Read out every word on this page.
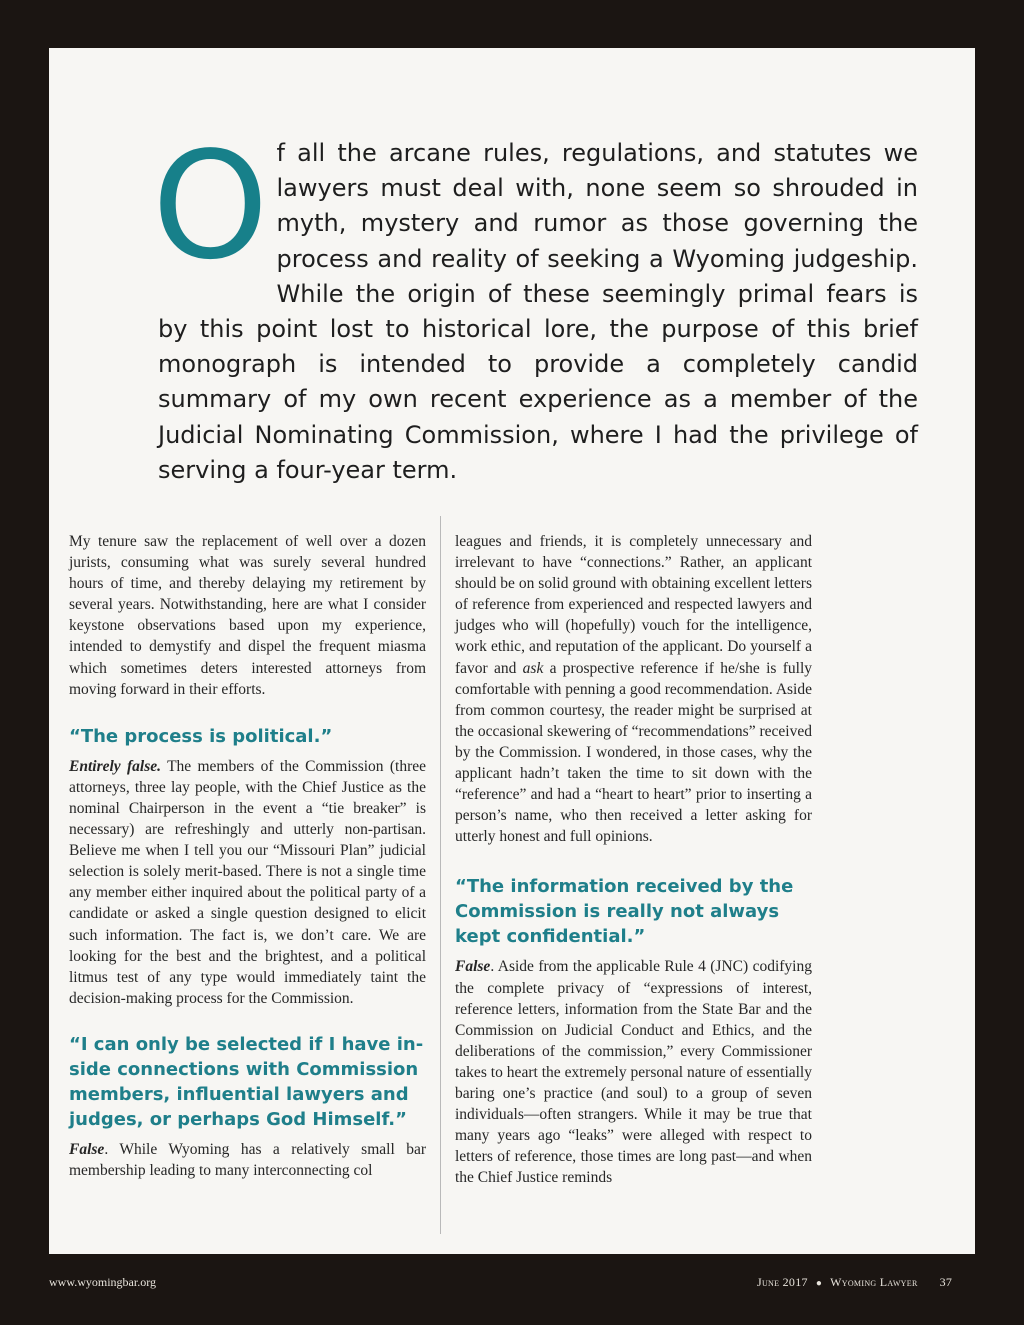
Of all the arcane rules, regulations, and statutes we lawyers must deal with, none seem so shrouded in myth, mystery and rumor as those governing the process and reality of seeking a Wyoming judgeship. While the origin of these seemingly primal fears is by this point lost to historical lore, the purpose of this brief monograph is intended to provide a completely candid summary of my own recent experience as a member of the Judicial Nominating Commission, where I had the privilege of serving a four-year term.

My tenure saw the replacement of well over a dozen jurists, consuming what was surely several hundred hours of time, and thereby delaying my retirement by several years. Notwithstanding, here are what I consider keystone observations based upon my experience, intended to demystify and dispel the frequent miasma which sometimes deters interested attorneys from moving forward in their efforts.

“The process is political.”

Entirely false. The members of the Commission (three attorneys, three lay people, with the Chief Justice as the nominal Chairperson in the event a “tie breaker” is necessary) are refreshingly and utterly non-partisan. Believe me when I tell you our “Missouri Plan” judicial selection is solely merit-based. There is not a single time any member either inquired about the political party of a candidate or asked a single question designed to elicit such information. The fact is, we don’t care. We are looking for the best and the brightest, and a political litmus test of any type would immediately taint the decision-making process for the Commission.

“I can only be selected if I have inside connections with Commission members, influential lawyers and judges, or perhaps God Himself.”

False. While Wyoming has a relatively small bar membership leading to many interconnecting col

leagues and friends, it is completely unnecessary and irrelevant to have “connections.” Rather, an applicant should be on solid ground with obtaining excellent letters of reference from experienced and respected lawyers and judges who will (hopefully) vouch for the intelligence, work ethic, and reputation of the applicant. Do yourself a favor and ask a prospective reference if he/she is fully comfortable with penning a good recommendation. Aside from common courtesy, the reader might be surprised at the occasional skewering of “recommendations” received by the Commission. I wondered, in those cases, why the applicant hadn’t taken the time to sit down with the “reference” and had a “heart to heart” prior to inserting a person’s name, who then received a letter asking for utterly honest and full opinions.

“The information received by the Commission is really not always kept confidential.”

False. Aside from the applicable Rule 4 (JNC) codifying the complete privacy of “expressions of interest, reference letters, information from the State Bar and the Commission on Judicial Conduct and Ethics, and the deliberations of the commission,” every Commissioner takes to heart the extremely personal nature of essentially baring one’s practice (and soul) to a group of seven individuals—often strangers. While it may be true that many years ago “leaks” were alleged with respect to letters of reference, those times are long past—and when the Chief Justice reminds

www.wyomingbar.org	June 2017 ● Wyoming Lawyer 37
